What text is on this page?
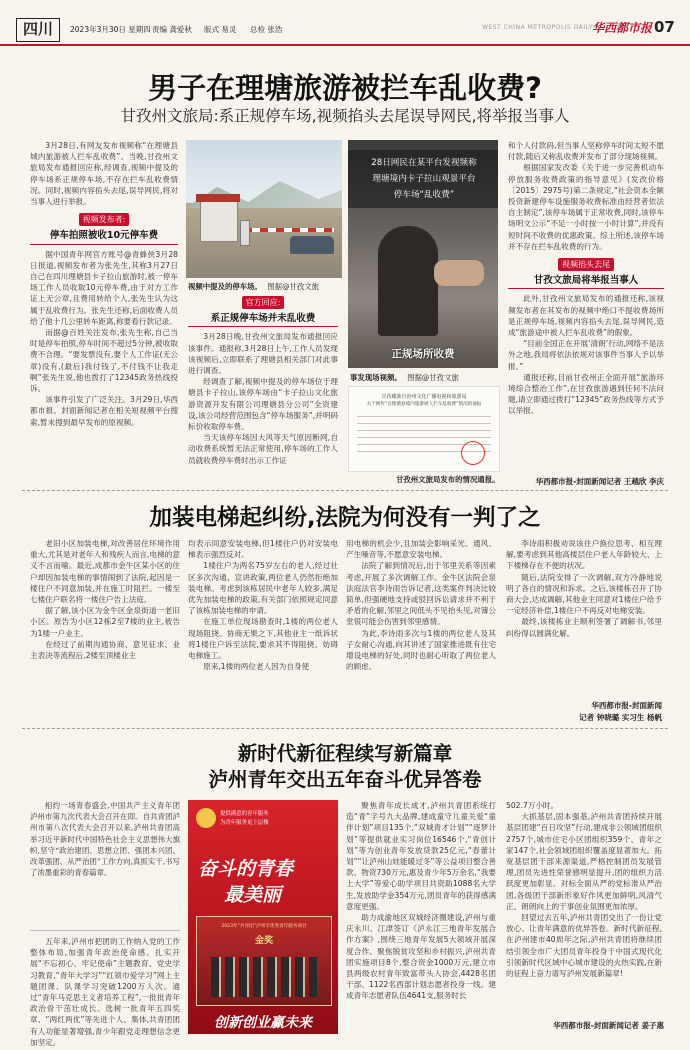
四川	2023年3月30日 星期四 责编 龚爱秋 版式 易灵 总检 张浩	WEST CHINA METROPOLIS DAILY 华西都市报 07
男子在理塘旅游被拦车乱收费?
甘孜州文旅局:系正规停车场,视频掐头去尾误导网民,将举报当事人

3月28日,有网友发布视频称“在理塘县城内旅游被人拦车乱收费”。当晚,甘孜州文旅局发布通报回应称,经调查,视频中提及的停车场系正规停车场,不存在拦车乱收费情况。同时,视频内容掐头去尾,误导网民,将对当事人进行举报。

视频发布者:
停车拍照被收10元停车费

据中国青年网官方账号@青蜂侠3月28日报道,视频发布者为张先生,其称3月27日自己在四川理塘县卡子拉山旅游时,被一停车场工作人员收取10元停车费,由于对方工作证上无公章,且费用转给个人,张先生认为这属于乱收费行为。张先生还称,后面收费人员给了他十几公里转车距离,称要看行款记录。

而据@百姓关注发布,张先生称,自己当时是停车拍照,停车时间不超过5分钟,被收取费不合理。“要发票没有,要个人工作证(无公章)没有,(最后)我付钱了,不付钱不让我走啊”张先生说,他也拨打了12345政务热线投诉。

该事件引发了广泛关注。3月29日,华西都市报、封面新闻记者在相关短视频平台搜索,暂未搜到最早发布的原视频。

视频中提及的停车场。 图据@甘孜文旅
官方回应:
系正规停车场并未乱收费

3月28日晚,甘孜州文旅局发布通报回应该事件。通报称,3月28日上午,工作人员发现该视频后,立即联系了理塘县相关部门对此事进行调查。

经调查了解,视频中提及的停车场位于理塘县卡子拉山,该停车场由“卡子拉山文化旅游资源开发有限公司理塘县分公司”全资建设,该公司经营范围包含“停车场服务”,并明码标价收取停车费。

当天该停车场因大风等天气原因断网,自动收费系统暂无法正常使用,停车场的工作人员就收费停车费时出示工作证

28日网民在某平台发视频称
理塘境内卡子拉山观景平台
停车场“乱收费”
正规场所收费
事发现场视频。 图据@甘孜文旅
甘孜藏族自治州文化广播电视和旅游局
关于网传“在理塘县境内旅游被人拦车乱收费”情况的通报
甘孜州文旅局发布的情况通报。

和个人付款码,但当事人坚称停车时间太短不愿付款,随后又称乱收费并发布了部分现场视频。

根据国家发改委《关于进一步完善机动车停放服务收费政策的指导意见》(发改价格〔2015〕2975号)第二条规定,“社会资本全额投资新建停车设施服务收费标准由经营者依法自主制定”,该停车场属于正常收费,同时,该停车场明文公示“不足一小时按一小时计算”,并没有短时间不收费的优惠政策。综上所述,该停车场并不存在拦车乱收费的行为。

视频掐头去尾
甘孜文旅局将举报当事人

此外,甘孜州文旅局发布的通报还称,该视频发布者在其发布的视频中绝口不提收费场所是正规停车场,视频内容掐头去尾,误导网民,造成“旅游途中被人拦车乱收费”的假象。

“目前全国正在开展‘清朗’行动,网络不是法外之地,我局将依法依规对该事件当事人予以举报。”

通报还称,目前甘孜州正全面开展“旅游环境综合整治工作”,在甘孜旅游遇到任何不法问题,请立即通过拨打“12345”政务热线等方式予以举报。

华西都市报-封面新闻记者 王越欣 李庆
加装电梯起纠纷,法院为何没有一判了之

老旧小区加装电梯,对改善居住环境作用重大,尤其是对老年人和残疾人而言,电梯的意义不言而喻。最近,成都市金牛区某小区的住户却因加装电梯的事情闹到了法院,起因是一楼住户不同意加装,并在施工时阻拦。一楼至七楼住户联名将一楼住户告上法庭。

据了解,该小区为金牛区金泉街道一老旧小区。原告为小区12栋2至7楼的业主,被告为1楼一户业主。

在经过了前期沟通协商、意见征求、业主表决等流程后,2楼至顶楼业主

均表示同意安装电梯,但1楼住户仍对安装电梯表示强烈反对。

1楼住户为两名75岁左右的老人,经过社区多次沟通、宣讲政策,两位老人仍然拒绝加装电梯。考虑到该栋居民中老年人较多,满足优先加装电梯的政策,有关部门依照规定同意了该栋加装电梯的申请。

在施工单位现场勘查时,1楼的两位老人现场阻挠。协商无果之下,其他业主一纸诉状将1楼住户诉至法院,要求其不得阻挠、妨碍电梯施工。

原来,1楼的两位老人因为自身使

用电梯的机会少,且加装会影响采光、通风、产生噪音等,不愿意安装电梯。

法院了解到情况后,出于邻里关系等因素考虑,开展了多次调解工作。金牛区法院会泉法庭法官李诗雨告诉记者,这类案件判决比较简单,但强硬地支持或驳回诉讼请求并不利于矛盾的化解,邻里之间低头不见抬头见,对簿公堂很可能会伤害到邻里感情。

为此,李诗雨多次与1楼的两位老人及其子女耐心沟通,向其讲述了国家推进既有住宅增设电梯的好处,同时也耐心听取了两位老人的顾虑。

李诗雨积极劝说该住户换位思考、相互理解,要考虑到其他高楼层住户老人年龄较大、上下楼梯存在不便的状况。

随后,法院安排了一次调解,双方冷静地说明了各自的情况和诉求。之后,该楼栋召开了协商大会,达成调解,其他业主同意对1楼住户给予一定经济补偿,1楼住户不再反对电梯安装。

最终,该楼栋业主顺利签署了调解书,邻里纠纷得以圆满化解。

华西都市报-封面新闻
记者 钟晓璐 实习生 杨帆
新时代新征程续写新篇章
泸州青年交出五年奋斗优异答卷

相约一场青春盛会,中国共产主义青年团泸州市第九次代表大会召开在即。自共青团泸州市第八次代表大会召开以来,泸州共青团高举习近平新时代中国特色社会主义思想伟大旗帜,坚守“政治建团、思想立团、强团本兴团、改革强团、从严治团”工作方向,真抓实干,书写了浓墨重彩的青春篇章。

五年来,泸州市把团的工作纳入党的工作整体布局,加强青年政治使命感。扎实开展“不忘初心、牢记使命”主题教育、党史学习教育,“青年大学习”“红领巾爱学习”网上主题团课、队课学习突破1200万人次。通过“青年马克思主义者培养工程”,一批批青年政治骨干茁壮成长。选树一批青年五四奖章、“两红两优”等先进个人、集体,共青团团有人功能显著增强,青少年跟党走理想信念更加坚定。

提供满意的青年服务
为青年服务更上层楼
奋斗的青春
最美丽
2023年“共青团”泸州市优秀青年服务项目
金奖
创新创业赢未来

聚焦青年成长成才,泸州共青团系统打造“青”字号九大品牌,建成童守儿童关爱“童伴计划”项目135个,“双城青才计划”“逐梦计划”等提供就业实习岗位16546个,“青创计划”等为创业青年发放贷款25亿元,“春蕾计划”“让泸州山娃能暖过冬”等公益项目整合善款、物资730万元,惠及青少年5万余名,“我要上大学”等爱心助学项目共资助1088名大学生,发放助学金354万元,团员青年的获得感满意度更强。

助力成渝地区双城经济圈建设,泸州与重庆永川、江津签订《泸永江三地青年发展合作方案》,围绕三地青年发展5大领域开展深度合作。聚焦脱贫攻坚和乡村振兴,泸州共青团实施项目8个,整合资金1000万元,建立市县两级农村青年致富带头人协会,4428名团干部、1122名西部计划志愿者投身一线。建成青年志愿者队伍4641支,服务时长

502.7万小时。

大抓基层,固本强基,泸州共青团持续开展基层团建“百日攻坚”行动,建成非公领域团组织2757个,城市住宅小区团组织359个、青年之家147个,社会领域团组织覆盖度显著加大。拓宽基层团干部来源渠道,严格控制团员发展管理,团员先进性荣誉感明显提升,团的组织力活跃度更加彰显。对标全面从严的党标准从严治团,各级团干部新形象好作风更加鲜明,风清气正、朗朗向上的干事创业氛围更加浓厚。

回望过去五年,泸州共青团交出了一份让党放心、让青年满意的优异答卷。新时代新征程,在泸州建市40周年之际,泸州共青团将继续团结引领全市广大团员青年投身于中国式现代化引领新时代区域中心城市建设的火热实践,在新的征程上奋力谱写泸州发展新篇章!

华西都市报-封面新闻记者 姜子惠
